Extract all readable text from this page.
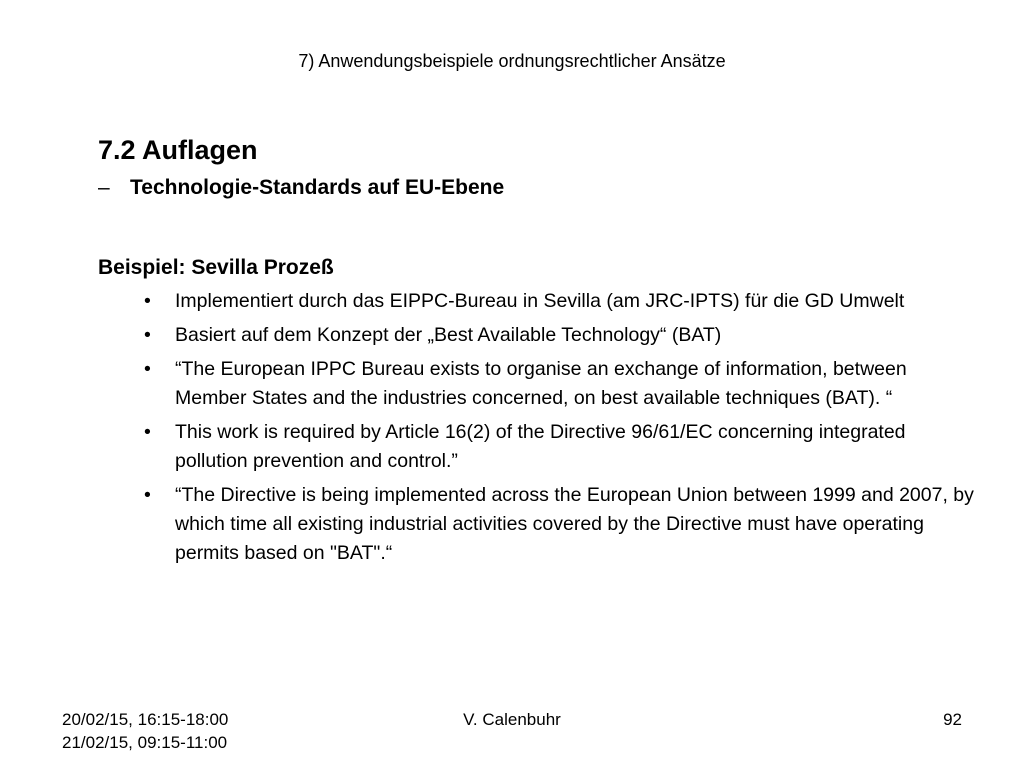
7) Anwendungsbeispiele ordnungsrechtlicher Ansätze
7.2 Auflagen
– Technologie-Standards auf EU-Ebene
Beispiel: Sevilla Prozeß
•	Implementiert durch das EIPPC-Bureau in Sevilla (am JRC-IPTS) für die GD Umwelt
•	Basiert auf dem Konzept der „Best Available Technology“ (BAT)
•	“The European IPPC Bureau exists to organise an exchange of information, between Member States and the industries concerned, on best available techniques (BAT). “
•	This work is required by Article 16(2) of the Directive 96/61/EC concerning integrated pollution prevention and control.”
•	“The Directive is being implemented across the European Union between 1999 and 2007, by which time all existing industrial activities covered by the Directive must have operating permits based on "BAT".“
20/02/15, 16:15-18:00
21/02/15, 09:15-11:00
V. Calenbuhr	92
